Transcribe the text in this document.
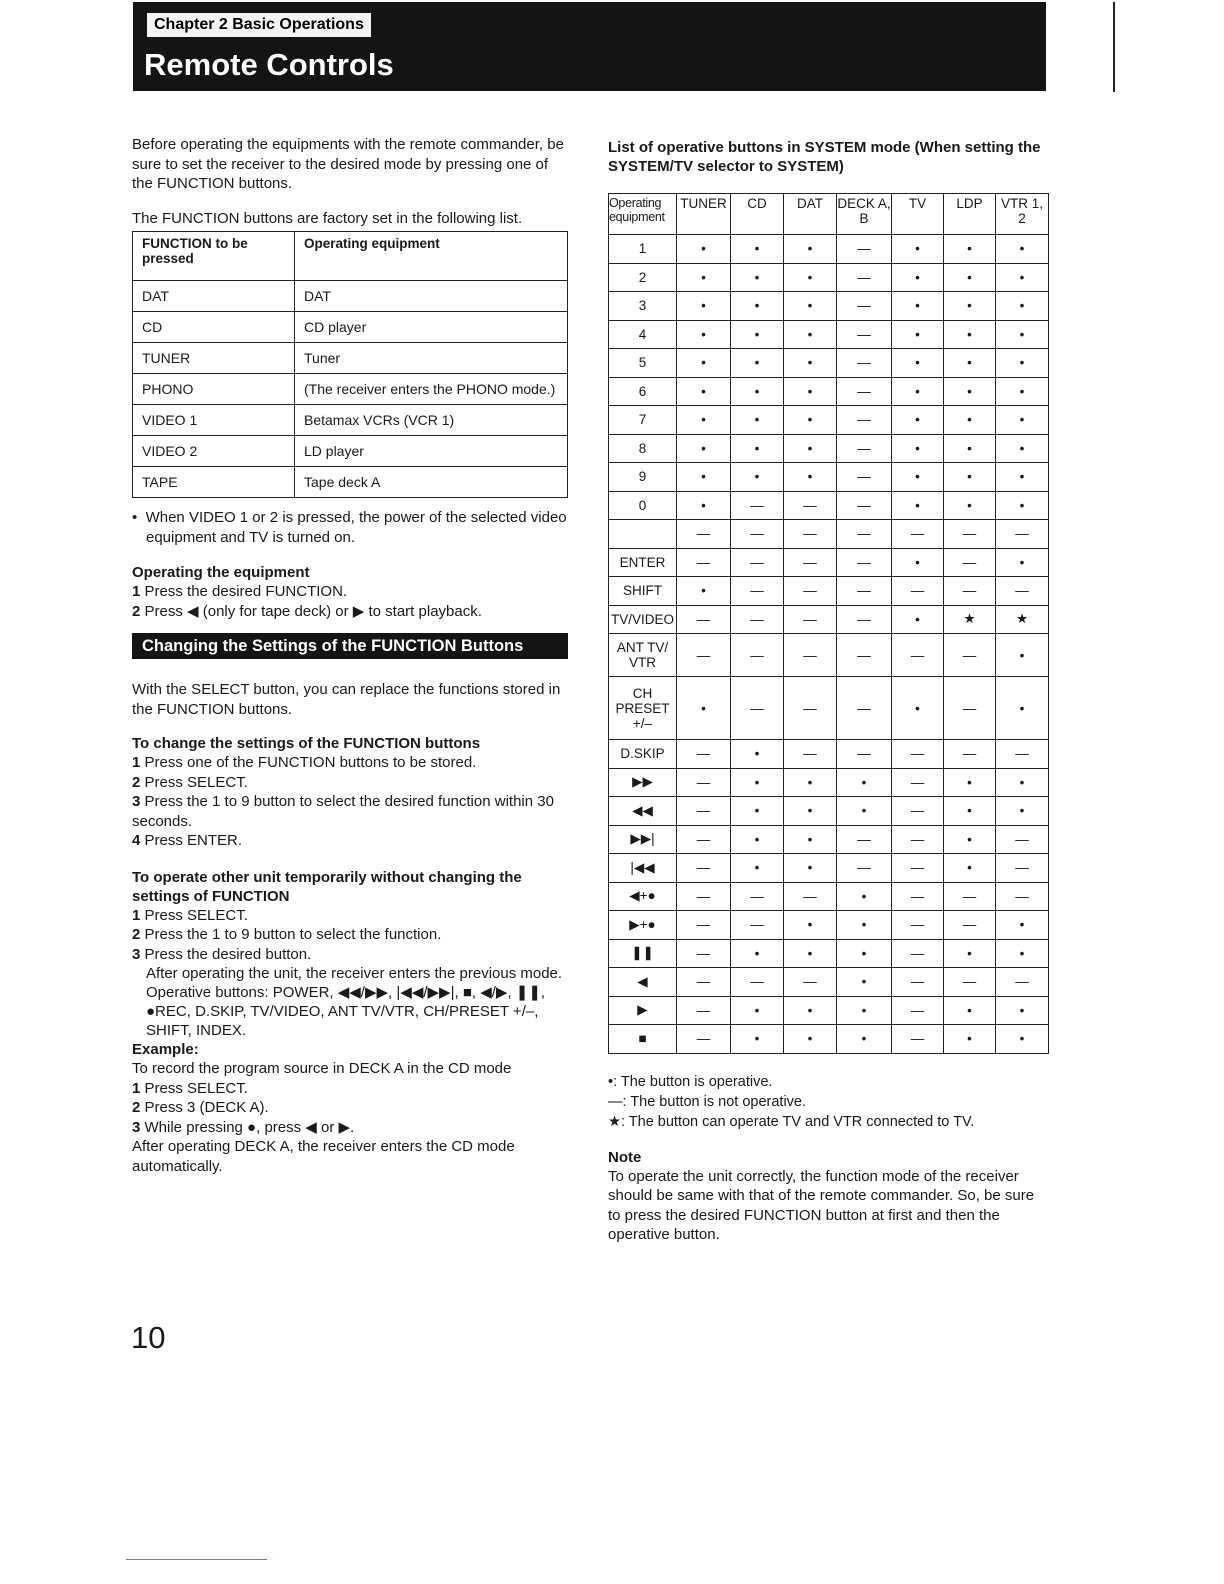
Chapter 2 Basic Operations
Remote Controls

Before operating the equipments with the remote commander, be sure to set the receiver to the desired mode by pressing one of the FUNCTION buttons.

The FUNCTION buttons are factory set in the following list.

FUNCTION to be pressed	Operating equipment
DAT	DAT
CD	CD player
TUNER	Tuner
PHONO	(The receiver enters the PHONO mode.)
VIDEO 1	Betamax VCRs (VCR 1)
VIDEO 2	LD player
TAPE	Tape deck A
•  When VIDEO 1 or 2 is pressed, the power of the selected video equipment and TV is turned on.

Operating the equipment

1 Press the desired FUNCTION.
2 Press ◀ (only for tape deck) or ▶ to start playback.
Changing the Settings of the FUNCTION Buttons

With the SELECT button, you can replace the functions stored in the FUNCTION buttons.

To change the settings of the FUNCTION buttons

1 Press one of the FUNCTION buttons to be stored.
2 Press SELECT.
3 Press the 1 to 9 button to select the desired function within 30 seconds.
4 Press ENTER.

To operate other unit temporarily without changing the settings of FUNCTION

1 Press SELECT.
2 Press the 1 to 9 button to select the function.
3 Press the desired button.
After operating the unit, the receiver enters the previous mode.
Operative buttons: POWER, ◀◀/▶▶, |◀◀/▶▶|, ■, ◀/▶, ❚❚, ●REC, D.SKIP, TV/VIDEO, ANT TV/VTR, CH/PRESET +/–, SHIFT, INDEX.

Example:

To record the program source in DECK A in the CD mode

1 Press SELECT.
2 Press 3 (DECK A).
3 While pressing ●, press ◀ or ▶.

After operating DECK A, the receiver enters the CD mode automatically.

List of operative buttons in SYSTEM mode (When setting the SYSTEM/TV selector to SYSTEM)

Operating equipment	TUNER	CD	DAT	DECK A, B	TV	LDP	VTR 1, 2
1	•	•	•	—	•	•	•
2	•	•	•	—	•	•	•
3	•	•	•	—	•	•	•
4	•	•	•	—	•	•	•
5	•	•	•	—	•	•	•
6	•	•	•	—	•	•	•
7	•	•	•	—	•	•	•
8	•	•	•	—	•	•	•
9	•	•	•	—	•	•	•
0	•	—	—	—	•	•	•
	—	—	—	—	—	—	—
ENTER	—	—	—	—	•	—	•
SHIFT	•	—	—	—	—	—	—
TV/VIDEO	—	—	—	—	•	★	★
ANT TV/ VTR	—	—	—	—	—	—	•
CH PRESET +/–	•	—	—	—	•	—	•
D.SKIP	—	•	—	—	—	—	—
▶▶	—	•	•	•	—	•	•
◀◀	—	•	•	•	—	•	•
▶▶|	—	•	•	—	—	•	—
|◀◀	—	•	•	—	—	•	—
◀+●	—	—	—	•	—	—	—
▶+●	—	—	•	•	—	—	•
❚❚	—	•	•	•	—	•	•
◀	—	—	—	•	—	—	—
▶	—	•	•	•	—	•	•
■	—	•	•	•	—	•	•

•: The button is operative.

—: The button is not operative.

★: The button can operate TV and VTR connected to TV.

Note

To operate the unit correctly, the function mode of the receiver should be same with that of the remote commander. So, be sure to press the desired FUNCTION button at first and then the operative button.

10
